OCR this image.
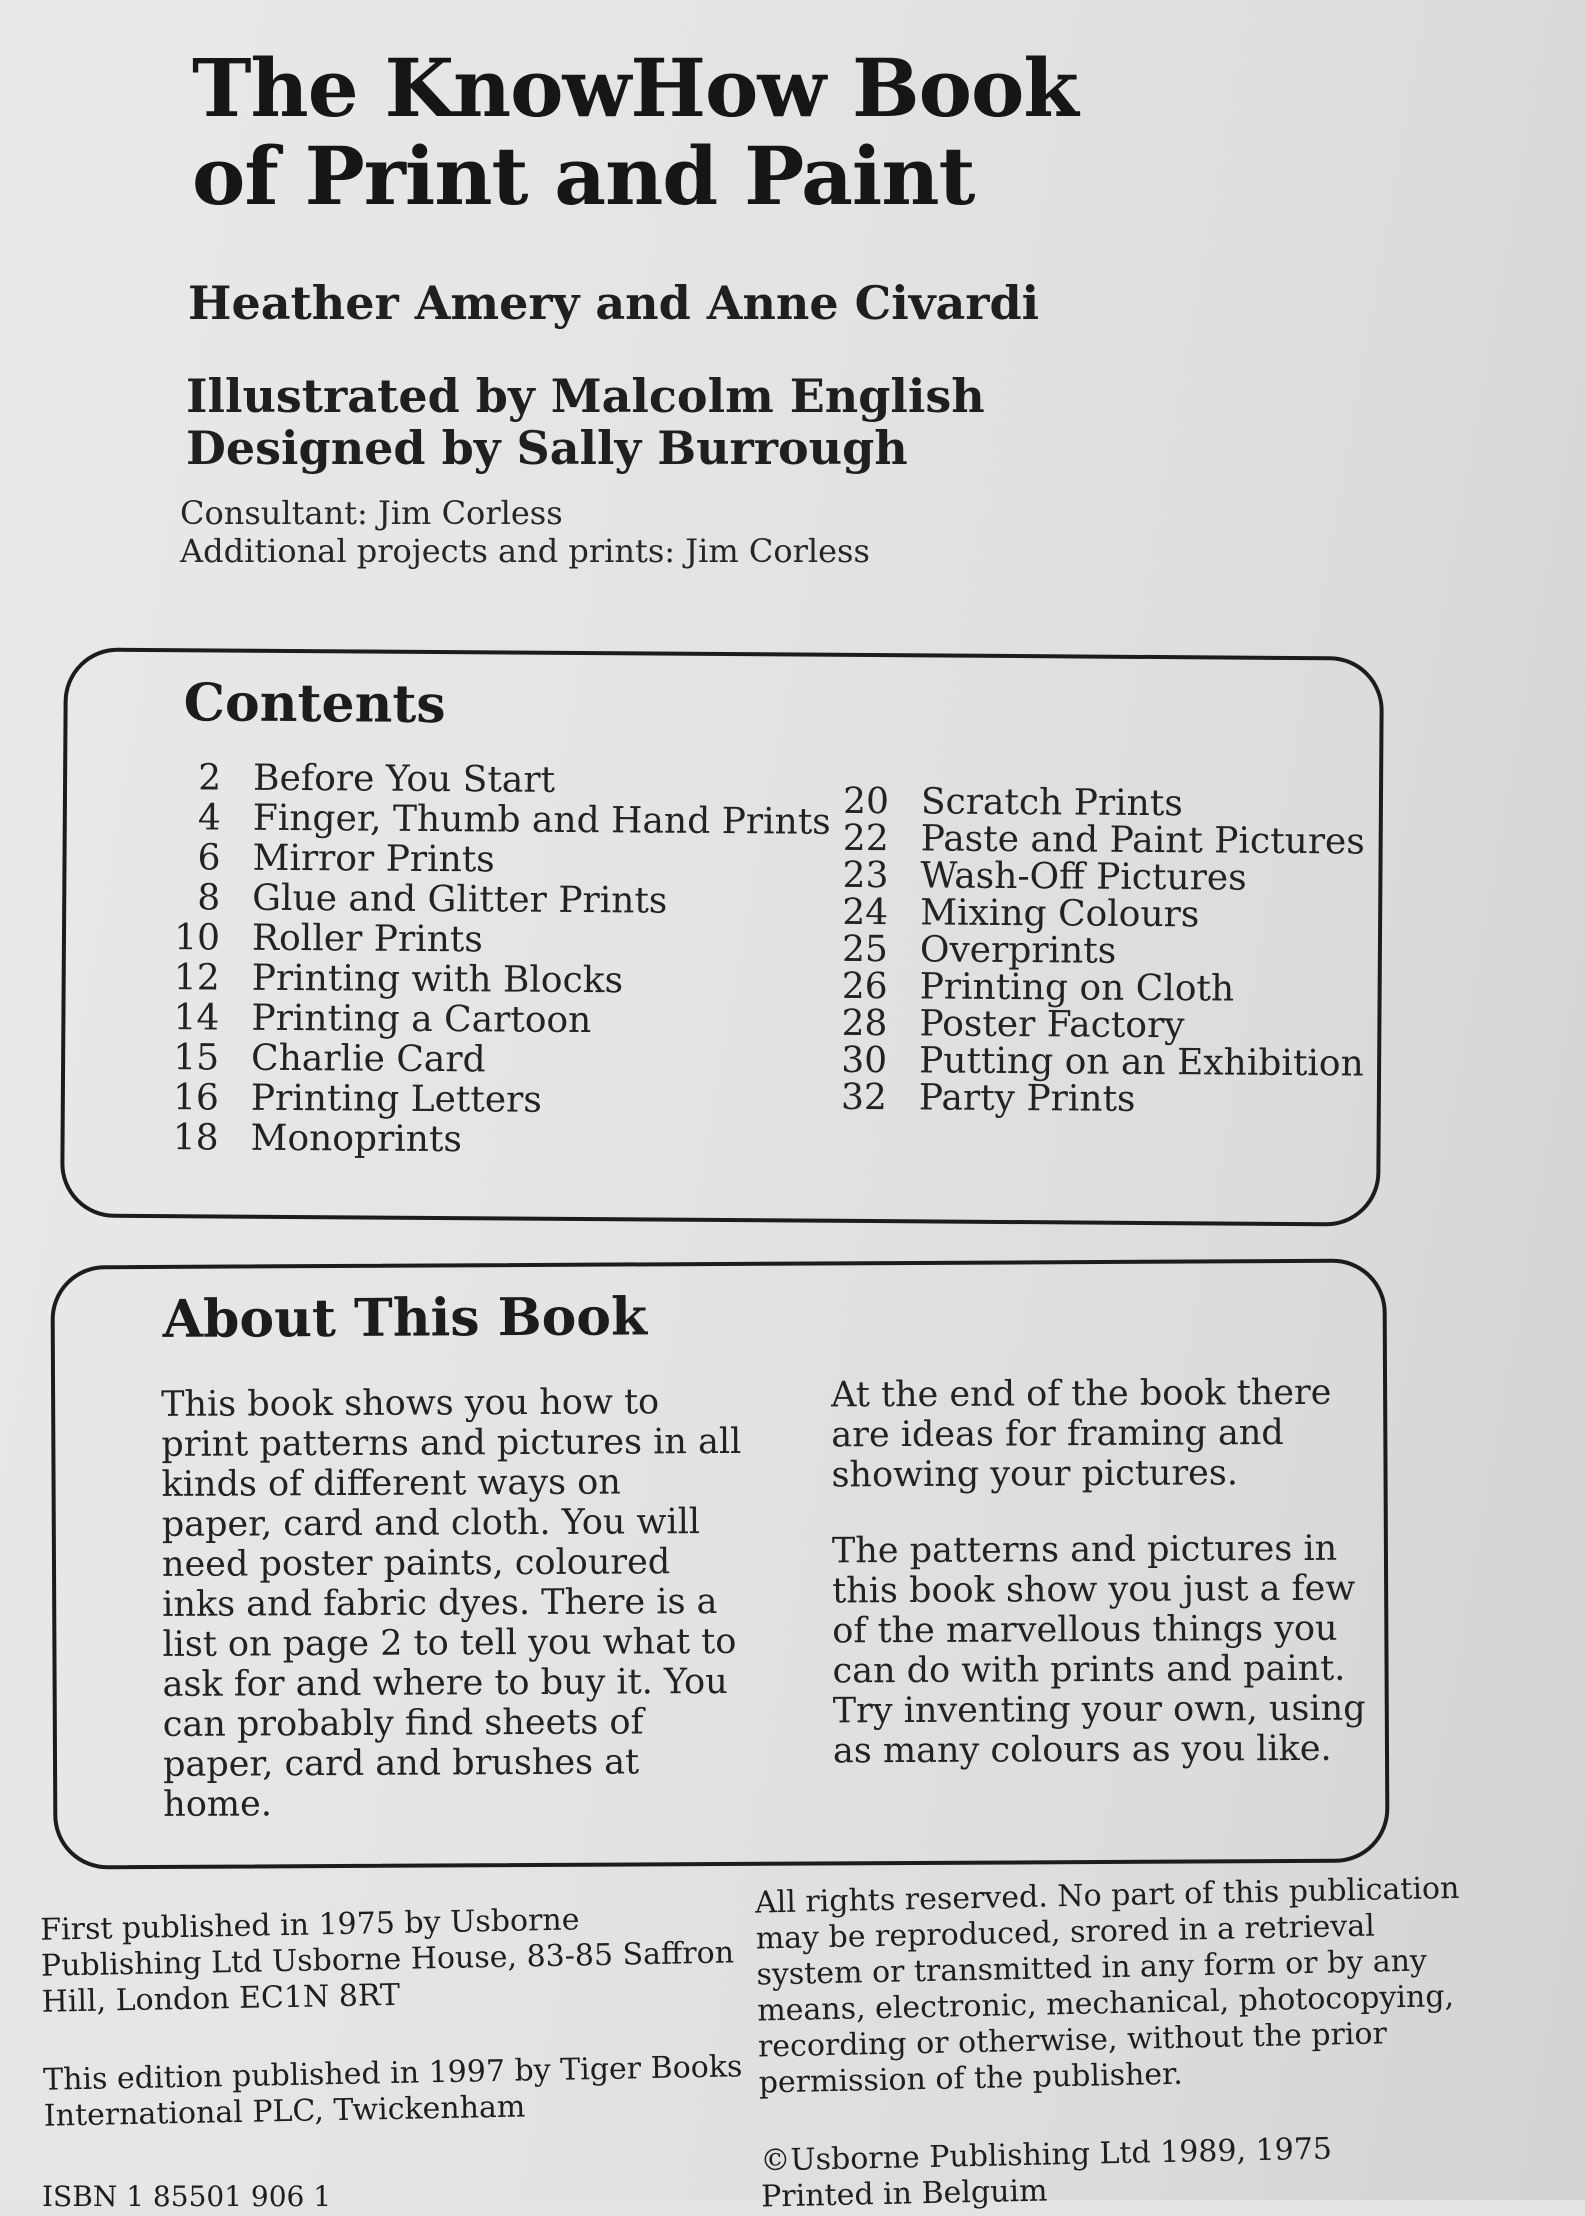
The KnowHow Book
of Print and Paint
Heather Amery and Anne Civardi
Illustrated by Malcolm English
Designed by Sally Burrough
Consultant: Jim Corless
Additional projects and prints: Jim Corless
Contents
2 Before You Start
4 Finger, Thumb and Hand Prints
6 Mirror Prints
8 Glue and Glitter Prints
10 Roller Prints
12 Printing with Blocks
14 Printing a Cartoon
15 Charlie Card
16 Printing Letters
18 Monoprints
20 Scratch Prints
22 Paste and Paint Pictures
23 Wash-Off Pictures
24 Mixing Colours
25 Overprints
26 Printing on Cloth
28 Poster Factory
30 Putting on an Exhibition
32 Party Prints
About This Book

This book shows you how to print patterns and pictures in all kinds of different ways on paper, card and cloth. You will need poster paints, coloured inks and fabric dyes. There is a list on page 2 to tell you what to ask for and where to buy it. You can probably find sheets of paper, card and brushes at home.

At the end of the book there are ideas for framing and showing your pictures.

The patterns and pictures in this book show you just a few of the marvellous things you can do with prints and paint. Try inventing your own, using as many colours as you like.

First published in 1975 by Usborne Publishing Ltd Usborne House, 83-85 Saffron Hill, London EC1N 8RT

This edition published in 1997 by Tiger Books International PLC, Twickenham

All rights reserved. No part of this publication may be reproduced, srored in a retrieval system or transmitted in any form or by any means, electronic, mechanical, photocopying, recording or otherwise, without the prior permission of the publisher.

©Usborne Publishing Ltd 1989, 1975

Printed in Belguim

ISBN 1 85501 906 1
